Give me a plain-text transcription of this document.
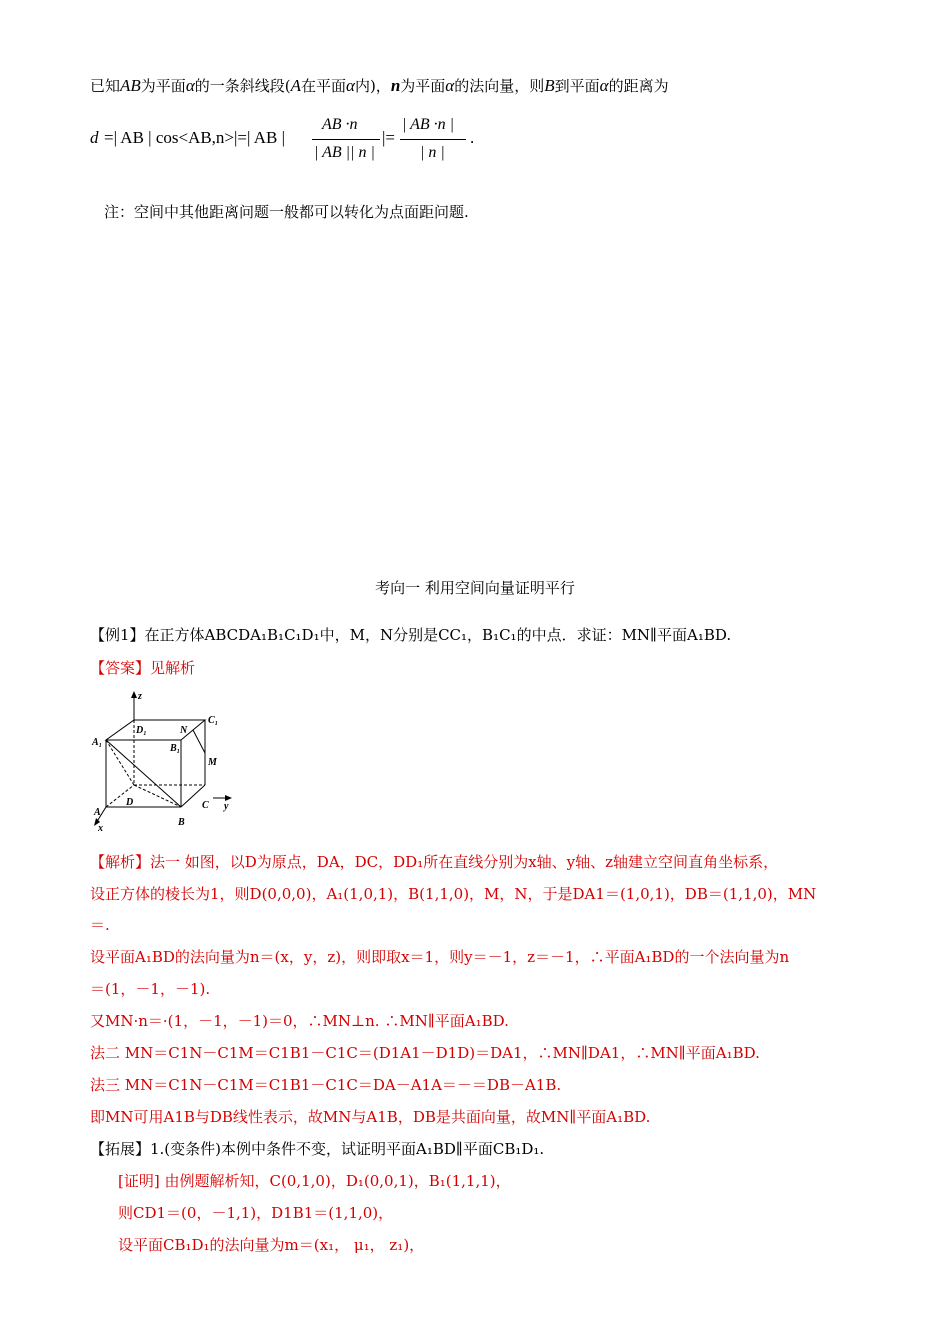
已知AB为平面α的一条斜线段(A在平面α内)，n为平面α的法向量，则B到平面α的距离为
d =| AB | cos<AB,n>|=| AB |
AB ·n
| AB || n |
|=
| AB ·n |
| n |
.
注：空间中其他距离问题一般都可以转化为点面距问题.
考向一 利用空间向量证明平行
【例1】在正方体ABCDA₁B₁C₁D₁中，M，N分别是CC₁，B₁C₁的中点．求证：MN∥平面A₁BD.
【答案】见解析
z
x
y
A₁
D₁	N
C₁
B₁
M
A
D	C
B
【解析】法一 如图，以D为原点，DA，DC，DD₁所在直线分别为x轴、y轴、z轴建立空间直角坐标系，
设正方体的棱长为1，则D(0,0,0)，A₁(1,0,1)，B(1,1,0)，M，N，于是DA1＝(1,0,1)，DB＝(1,1,0)，MN
＝.
设平面A₁BD的法向量为n＝(x，y，z)，则即取x＝1，则y＝－1，z＝－1，∴平面A₁BD的一个法向量为n
＝(1，－1，－1).
又MN·n＝·(1，－1，－1)＝0，∴MN⊥n. ∴MN∥平面A₁BD.
法二 MN＝C1N－C1M＝C1B1－C1C＝(D1A1－D1D)＝DA1，∴MN∥DA1，∴MN∥平面A₁BD.
法三 MN＝C1N－C1M＝C1B1－C1C＝DA－A1A＝－＝DB－A1B.
即MN可用A1B与DB线性表示，故MN与A1B，DB是共面向量，故MN∥平面A₁BD.
【拓展】1.(变条件)本例中条件不变，试证明平面A₁BD∥平面CB₁D₁.
[证明] 由例题解析知，C(0,1,0)，D₁(0,0,1)，B₁(1,1,1)，
则CD1＝(0，－1,1)，D1B1＝(1,1,0)，
设平面CB₁D₁的法向量为m＝(x₁， μ₁， z₁)，
